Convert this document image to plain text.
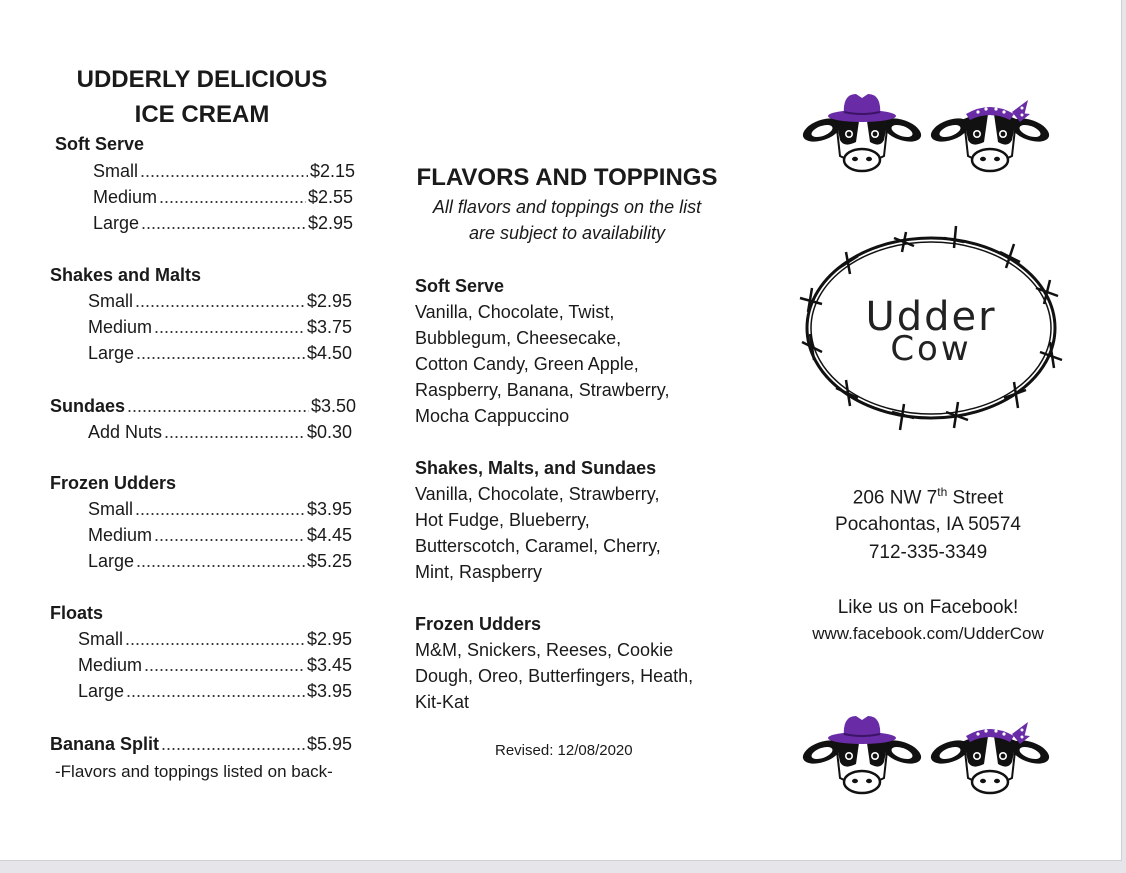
UDDERLY DELICIOUS
ICE CREAM
Soft Serve
Small .....	$2.15
Medium .....	$2.55
Large .....	$2.95
Shakes and Malts
Small .....	$2.95
Medium .....	$3.75
Large .....	$4.50
Sundaes .....	$3.50
Add Nuts .....	$0.30
Frozen Udders
Small .....	$3.95
Medium .....	$4.45
Large .....	$5.25
Floats
Small .....	$2.95
Medium .....	$3.45
Large .....	$3.95
Banana Split .....	$5.95
-Flavors and toppings listed on back-
FLAVORS AND TOPPINGS
All flavors and toppings on the list
are subject to availability
Soft Serve
Vanilla, Chocolate, Twist,
Bubblegum, Cheesecake,
Cotton Candy, Green Apple,
Raspberry, Banana, Strawberry,
Mocha Cappuccino
Shakes, Malts, and Sundaes
Vanilla, Chocolate, Strawberry,
Hot Fudge, Blueberry,
Butterscotch, Caramel, Cherry,
Mint, Raspberry
Frozen Udders
M&M, Snickers, Reeses, Cookie
Dough, Oreo, Butterfingers, Heath,
Kit-Kat
Revised: 12/08/2020
Udder
Cow
206 NW 7th Street
Pocahontas, IA 50574
712-335-3349
Like us on Facebook!
www.facebook.com/UdderCow
